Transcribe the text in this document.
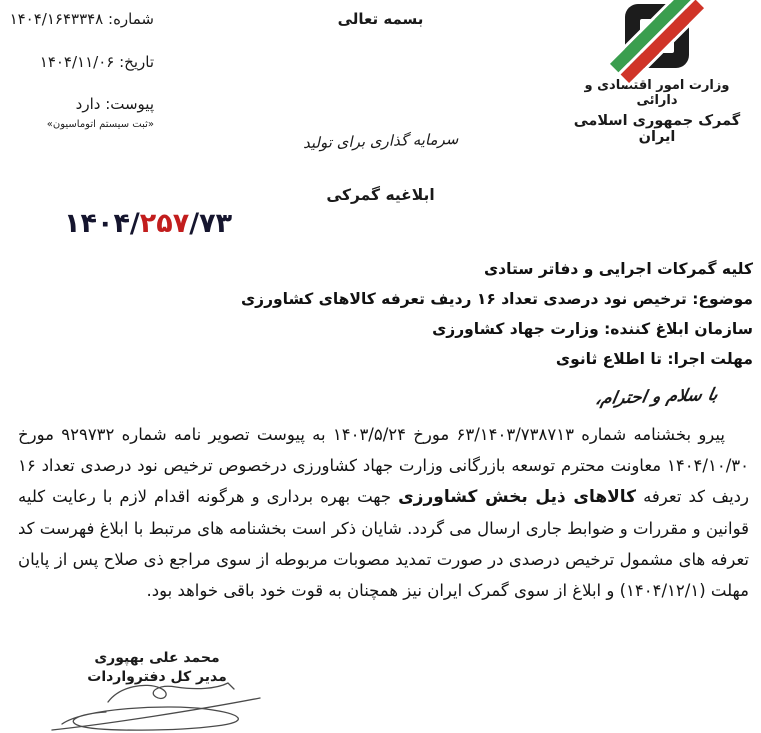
شماره: ۱۴۰۴/۱۶۴۳۳۴۸
تاریخ: ۱۴۰۴/۱۱/۰۶
پیوست: دارد
«ثبت سیستم اتوماسیون»
بسمه تعالی
سرمایه گذاری برای تولید
ابلاغیه گمرکی
وزارت امور اقتصادی و دارائی
گمرک جمهوری اسلامی ایران
۱۴۰۴/۲۵۷/۷۳
کلیه گمرکات اجرایی و دفاتر ستادی
موضوع: ترخیص نود درصدی تعداد ۱۶ ردیف تعرفه کالاهای کشاورزی
سازمان ابلاغ کننده: وزارت جهاد کشاورزی
مهلت اجرا: تا اطلاع ثانوی
با سلام و احترام،
پیرو بخشنامه شماره ۶۳/۱۴۰۳/۷۳۸۷۱۳ مورخ ۱۴۰۳/۵/۲۴ به پیوست تصویر نامه شماره ۹۲۹۷۳۲ مورخ ۱۴۰۴/۱۰/۳۰ معاونت محترم توسعه بازرگانی وزارت جهاد کشاورزی درخصوص ترخیص نود درصدی تعداد ۱۶ ردیف کد تعرفه کالاهای ذیل بخش کشاورزی جهت بهره برداری و هرگونه اقدام لازم با رعایت کلیه قوانین و مقررات و ضوابط جاری ارسال می گردد. شایان ذکر است بخشنامه های مرتبط با ابلاغ فهرست کد تعرفه های مشمول ترخیص درصدی در صورت تمدید مصوبات مربوطه از سوی مراجع ذی صلاح پس از پایان مهلت (۱۴۰۴/۱۲/۱) و ابلاغ از سوی گمرک ایران نیز همچنان به قوت خود باقی خواهد بود.
محمد علی بهپوری
مدیر کل دفترواردات
